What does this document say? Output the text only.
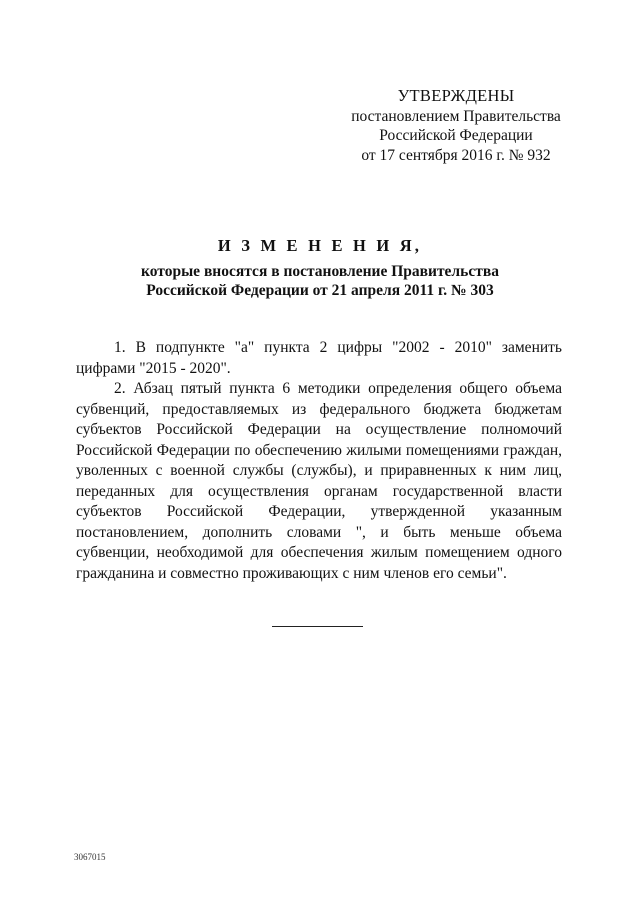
УТВЕРЖДЕНЫ
постановлением Правительства
Российской Федерации
от 17 сентября 2016 г. № 932
И З М Е Н Е Н И Я,
которые вносятся в постановление Правительства
Российской Федерации от 21 апреля 2011 г. № 303

1. В подпункте "а" пункта 2 цифры "2002 - 2010" заменить цифрами "2015 - 2020".

2. Абзац пятый пункта 6 методики определения общего объема субвенций, предоставляемых из федерального бюджета бюджетам субъектов Российской Федерации на осуществление полномочий Российской Федерации по обеспечению жилыми помещениями граждан, уволенных с военной службы (службы), и приравненных к ним лиц, переданных для осуществления органам государственной власти субъектов Российской Федерации, утвержденной указанным постановлением, дополнить словами ", и быть меньше объема субвенции, необходимой для обеспечения жилым помещением одного гражданина и совместно проживающих с ним членов его семьи".

3067015
